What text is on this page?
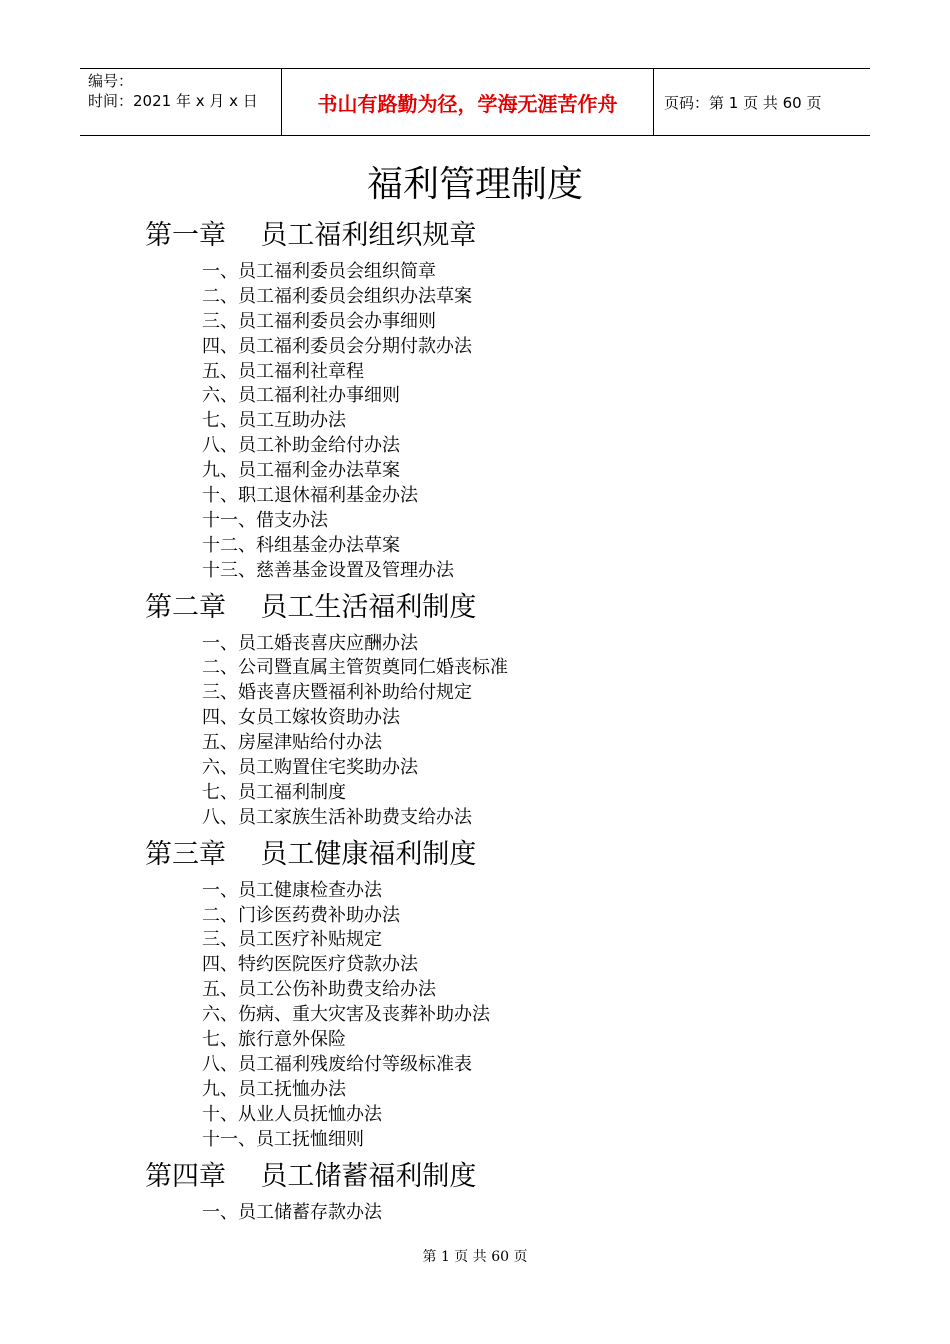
编号：
时间：2021 年 x 月 x 日	书山有路勤为径，学海无涯苦作舟	页码：第 1 页 共 60 页
福利管理制度
第一章    员工福利组织规章
一、员工福利委员会组织简章
二、员工福利委员会组织办法草案
三、员工福利委员会办事细则
四、员工福利委员会分期付款办法
五、员工福利社章程
六、员工福利社办事细则
七、员工互助办法
八、员工补助金给付办法
九、员工福利金办法草案
十、职工退休福利基金办法
十一、借支办法
十二、科组基金办法草案
十三、慈善基金设置及管理办法
第二章    员工生活福利制度
一、员工婚丧喜庆应酬办法
二、公司暨直属主管贺奠同仁婚丧标准
三、婚丧喜庆暨福利补助给付规定
四、女员工嫁妆资助办法
五、房屋津贴给付办法
六、员工购置住宅奖助办法
七、员工福利制度
八、员工家族生活补助费支给办法
第三章    员工健康福利制度
一、员工健康检查办法
二、门诊医药费补助办法
三、员工医疗补贴规定
四、特约医院医疗贷款办法
五、员工公伤补助费支给办法
六、伤病、重大灾害及丧葬补助办法
七、旅行意外保险
八、员工福利残废给付等级标准表
九、员工抚恤办法
十、从业人员抚恤办法
十一、员工抚恤细则
第四章    员工储蓄福利制度
一、员工储蓄存款办法
第 1 页 共 60 页
